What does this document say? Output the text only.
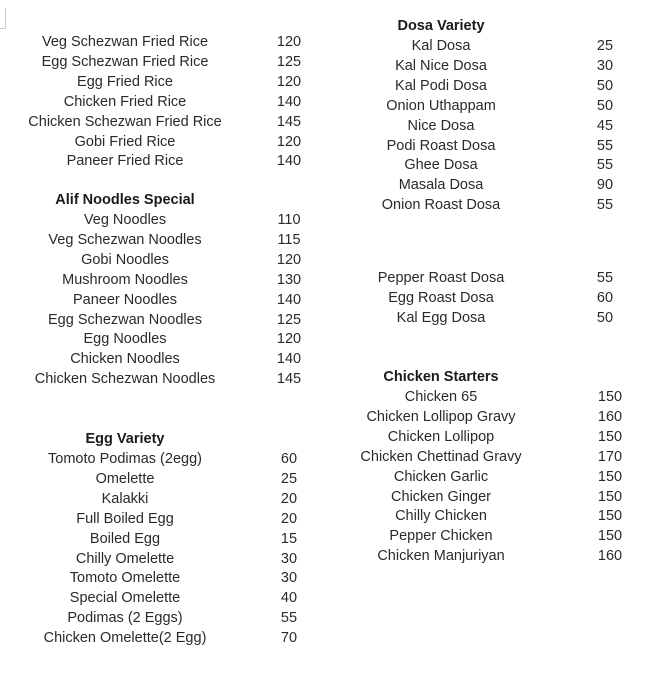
Veg Schezwan Fried Rice	120
Egg Schezwan Fried Rice	125
Egg Fried Rice	120
Chicken Fried Rice	140
Chicken Schezwan Fried Rice	145
Gobi Fried Rice	120
Paneer Fried Rice	140
Alif Noodles Special
Veg Noodles	110
Veg Schezwan Noodles	115
Gobi Noodles	120
Mushroom Noodles	130
Paneer Noodles	140
Egg Schezwan Noodles	125
Egg Noodles	120
Chicken Noodles	140
Chicken Schezwan Noodles	145
Egg Variety
Tomoto Podimas (2egg)	60
Omelette	25
Kalakki	20
Full Boiled Egg	20
Boiled Egg	15
Chilly Omelette	30
Tomoto Omelette	30
Special Omelette	40
Podimas (2 Eggs)	55
Chicken Omelette(2 Egg)	70
Dosa Variety
Kal Dosa	25
Kal Nice Dosa	30
Kal Podi Dosa	50
Onion Uthappam	50
Nice Dosa	45
Podi Roast Dosa	55
Ghee Dosa	55
Masala Dosa	90
Onion Roast Dosa	55
Pepper Roast Dosa	55
Egg Roast Dosa	60
Kal Egg Dosa	50
Chicken Starters
Chicken 65	150
Chicken Lollipop Gravy	160
Chicken Lollipop	150
Chicken Chettinad Gravy	170
Chicken Garlic	150
Chicken Ginger	150
Chilly Chicken	150
Pepper Chicken	150
Chicken Manjuriyan	160
